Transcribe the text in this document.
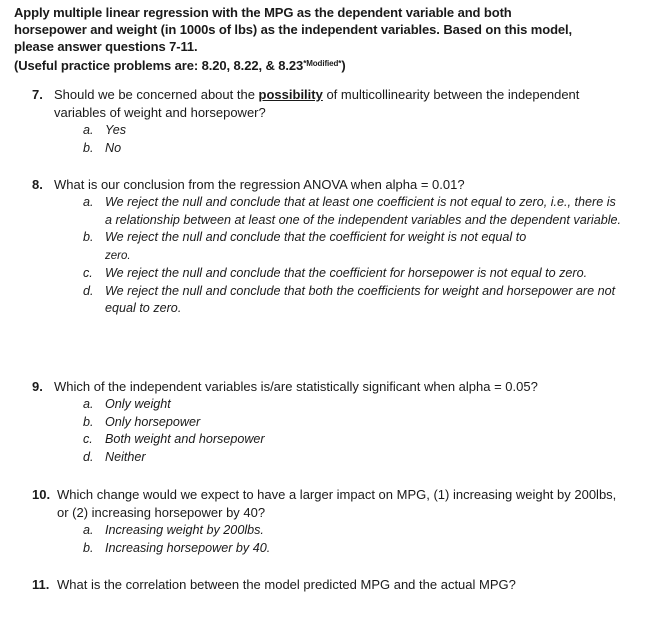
Apply multiple linear regression with the MPG as the dependent variable and both
horsepower and weight (in 1000s of lbs) as the independent variables. Based on this model,
please answer questions 7-11.
(Useful practice problems are: 8.20, 8.22, & $8.23^{*Modified*}$)
7. Should we be concerned about the possibility of multicollinearity between the independent variables of weight and horsepower?
a. Yes
b. No
8. What is our conclusion from the regression ANOVA when alpha = 0.01?
a. We reject the null and conclude that at least one coefficient is not equal to zero, i.e., there is a relationship between at least one of the independent variables and the dependent variable.
b. We reject the null and conclude that the coefficient for weight is not equal to
zero.
c. We reject the null and conclude that the coefficient for horsepower is not equal to zero.
d. We reject the null and conclude that both the coefficients for weight and horsepower are not equal to zero.
9. Which of the independent variables is/are statistically significant when alpha = 0.05?
a. Only weight
b. Only horsepower
c. Both weight and horsepower
d. Neither
10. Which change would we expect to have a larger impact on MPG, (1) increasing weight by 200lbs, or (2) increasing horsepower by 40?
a. Increasing weight by 200lbs.
b. Increasing horsepower by 40.
11. What is the correlation between the model predicted MPG and the actual MPG?
